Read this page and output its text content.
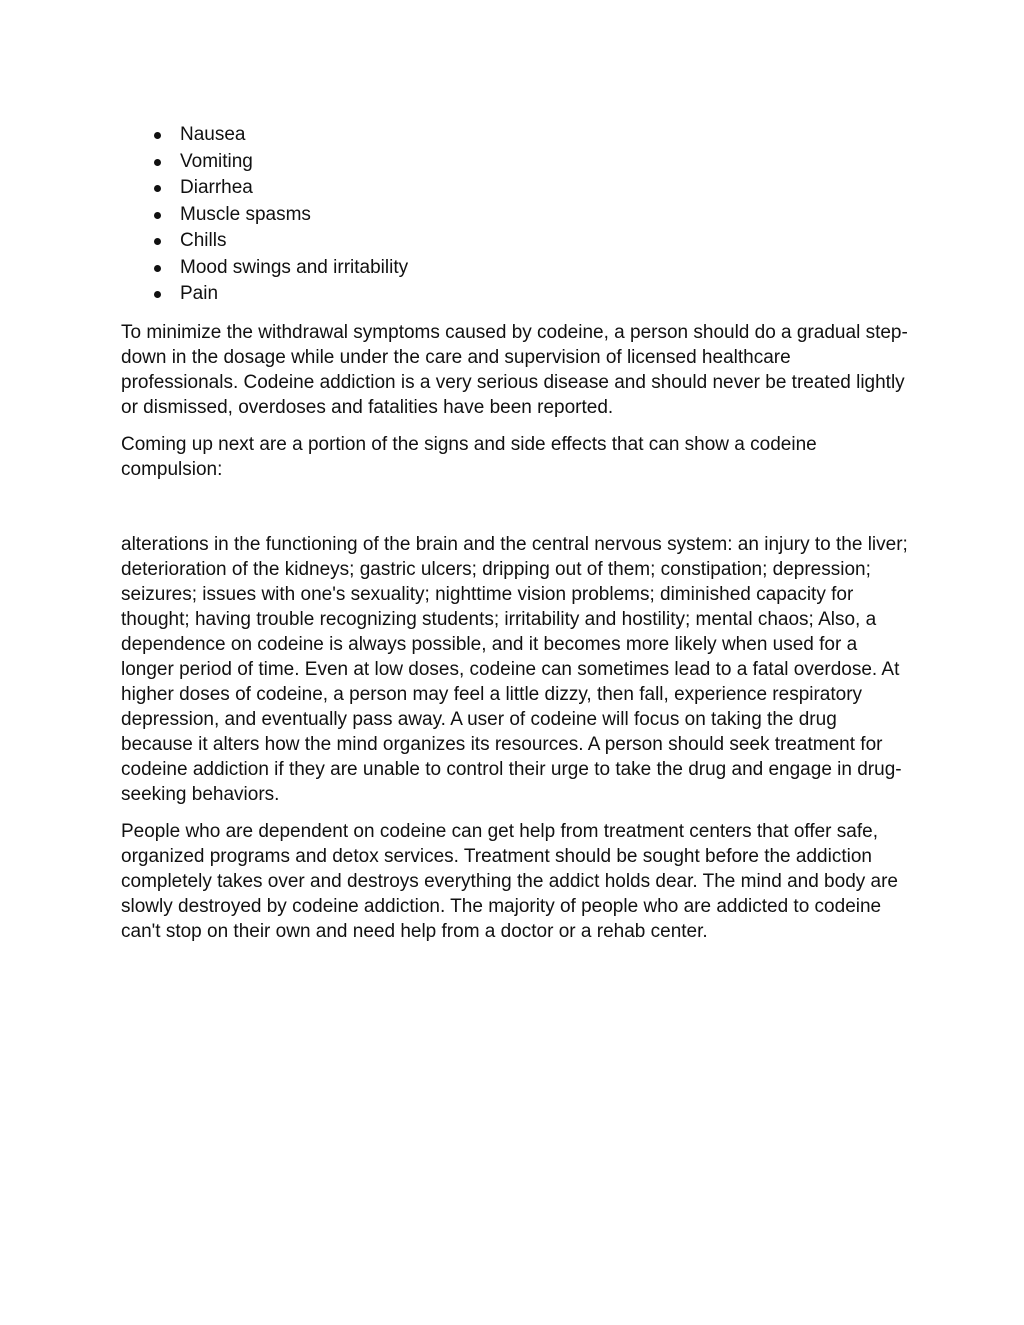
Nausea
Vomiting
Diarrhea
Muscle spasms
Chills
Mood swings and irritability
Pain

To minimize the withdrawal symptoms caused by codeine, a person should do a gradual step-down in the dosage while under the care and supervision of licensed healthcare professionals. Codeine addiction is a very serious disease and should never be treated lightly or dismissed, overdoses and fatalities have been reported.

Coming up next are a portion of the signs and side effects that can show a codeine compulsion:

alterations in the functioning of the brain and the central nervous system: an injury to the liver; deterioration of the kidneys; gastric ulcers; dripping out of them; constipation; depression; seizures; issues with one's sexuality; nighttime vision problems; diminished capacity for thought; having trouble recognizing students; irritability and hostility; mental chaos; Also, a dependence on codeine is always possible, and it becomes more likely when used for a longer period of time. Even at low doses, codeine can sometimes lead to a fatal overdose. At higher doses of codeine, a person may feel a little dizzy, then fall, experience respiratory depression, and eventually pass away. A user of codeine will focus on taking the drug because it alters how the mind organizes its resources. A person should seek treatment for codeine addiction if they are unable to control their urge to take the drug and engage in drug-seeking behaviors.

People who are dependent on codeine can get help from treatment centers that offer safe, organized programs and detox services. Treatment should be sought before the addiction completely takes over and destroys everything the addict holds dear. The mind and body are slowly destroyed by codeine addiction. The majority of people who are addicted to codeine can't stop on their own and need help from a doctor or a rehab center.
